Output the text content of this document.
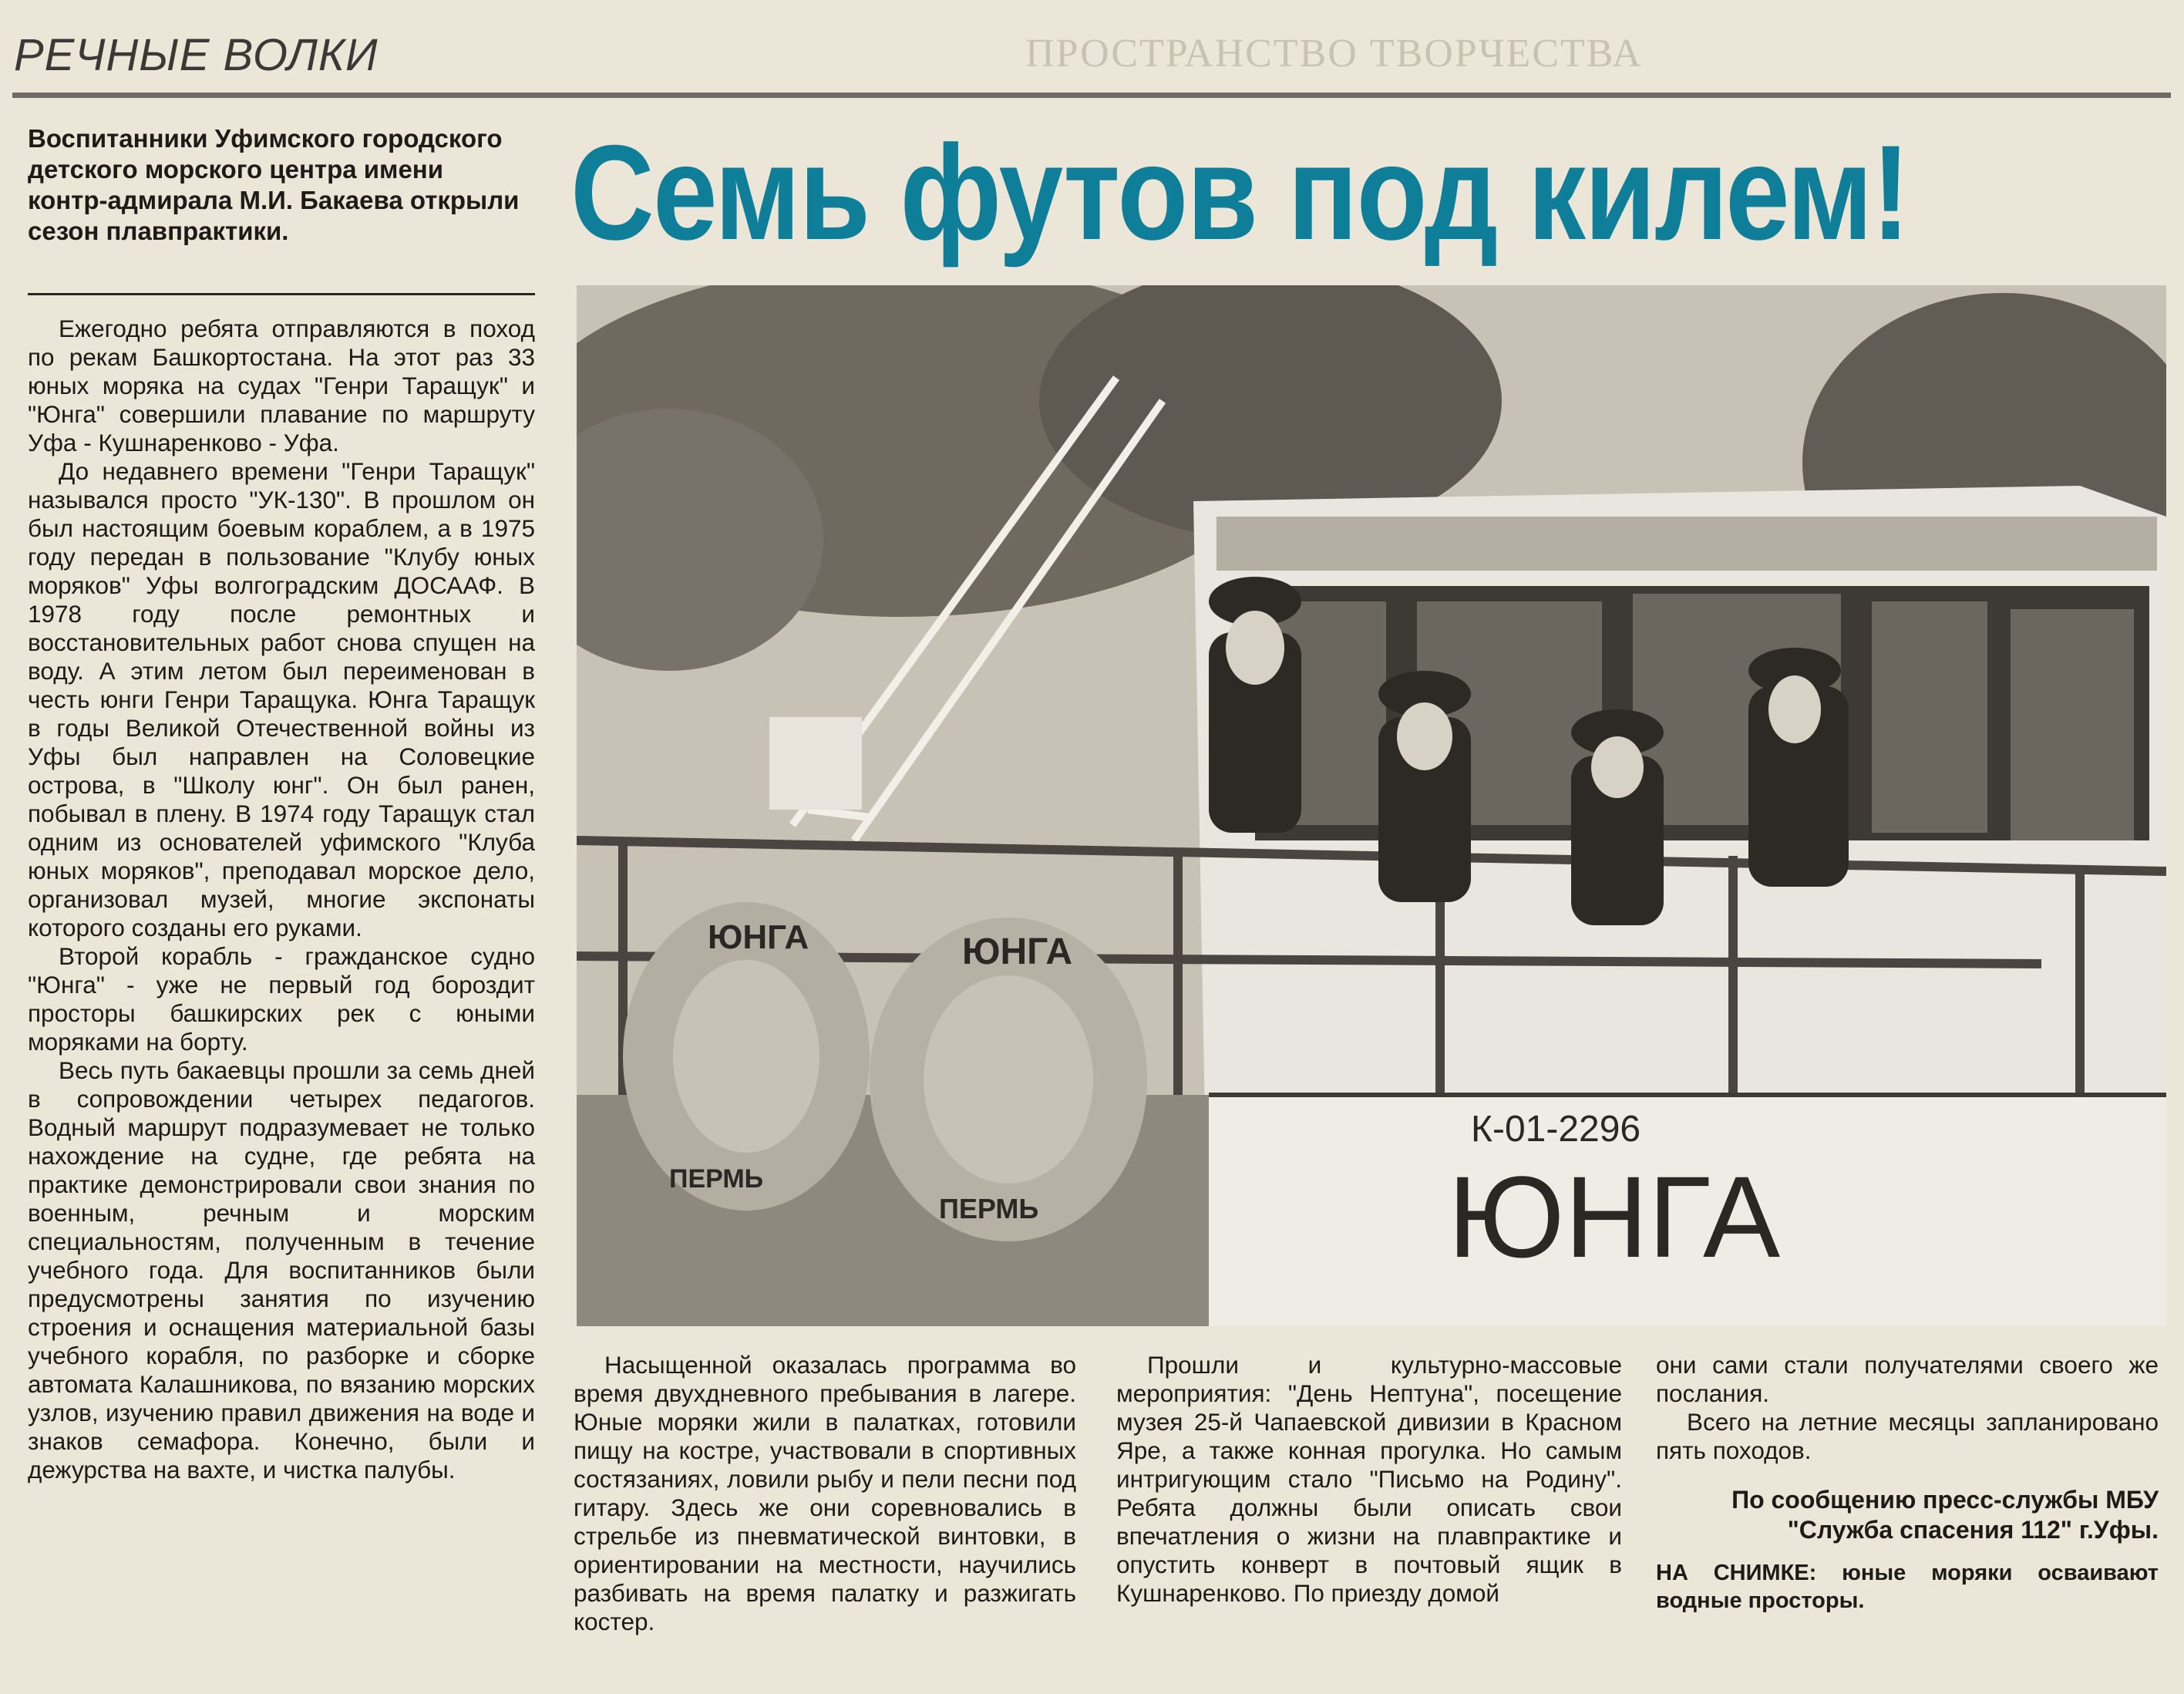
РЕЧНЫЕ ВОЛКИ	ПРОСТРАНСТВО ТВОРЧЕСТВА
Воспитанники Уфимского городского детского морского центра имени контр-адмирала М.И. Бакаева открыли сезон плавпрактики.	Семь футов под килем!
К-01-2296
ЮНГА
ЮНГА
ПЕРМЬ
ЮНГА
ПЕРМЬ

Ежегодно ребята отправляются в поход по рекам Башкортостана. На этот раз 33 юных моряка на судах "Генри Таращук" и "Юнга" совершили плавание по маршруту Уфа - Кушнаренково - Уфа.

До недавнего времени "Генри Таращук" назывался просто "УК-130". В прошлом он был настоящим боевым кораблем, а в 1975 году передан в пользование "Клубу юных моряков" Уфы волгоградским ДОСААФ. В 1978 году после ремонтных и восстановительных работ снова спущен на воду. А этим летом был переименован в честь юнги Генри Таращука. Юнга Таращук в годы Великой Отечественной войны из Уфы был направлен на Соловецкие острова, в "Школу юнг". Он был ранен, побывал в плену. В 1974 году Таращук стал одним из основателей уфимского "Клуба юных моряков", преподавал морское дело, организовал музей, многие экспонаты которого созданы его руками.

Второй корабль - гражданское судно "Юнга" - уже не первый год бороздит просторы башкирских рек с юными моряками на борту.

Весь путь бакаевцы прошли за семь дней в сопровождении четырех педагогов. Водный маршрут подразумевает не только нахождение на судне, где ребята на практике демонстрировали свои знания по военным, речным и морским специальностям, полученным в течение учебного года. Для воспитанников были предусмотрены занятия по изучению строения и оснащения материальной базы учебного корабля, по разборке и сборке автомата Калашникова, по вязанию морских узлов, изучению правил движения на воде и знаков семафора. Конечно, были и дежурства на вахте, и чистка палубы.

Насыщенной оказалась программа во время двухдневного пребывания в лагере. Юные моряки жили в палатках, готовили пищу на костре, участвовали в спортивных состязаниях, ловили рыбу и пели песни под гитару. Здесь же они соревновались в стрельбе из пневматической винтовки, в ориентировании на местности, научились разбивать на время палатку и разжигать костер.

Прошли и культурно-массовые мероприятия: "День Нептуна", посещение музея 25-й Чапаевской дивизии в Красном Яре, а также конная прогулка. Но самым интригующим стало "Письмо на Родину". Ребята должны были описать свои впечатления о жизни на плавпрактике и опустить конверт в почтовый ящик в Кушнаренково. По приезду домой

они сами стали получателями своего же послания.

Всего на летние месяцы запланировано пять походов.

По сообщению пресс-службы МБУ "Служба спасения 112" г.Уфы.
НА СНИМКЕ: юные моряки осваивают водные просторы.
